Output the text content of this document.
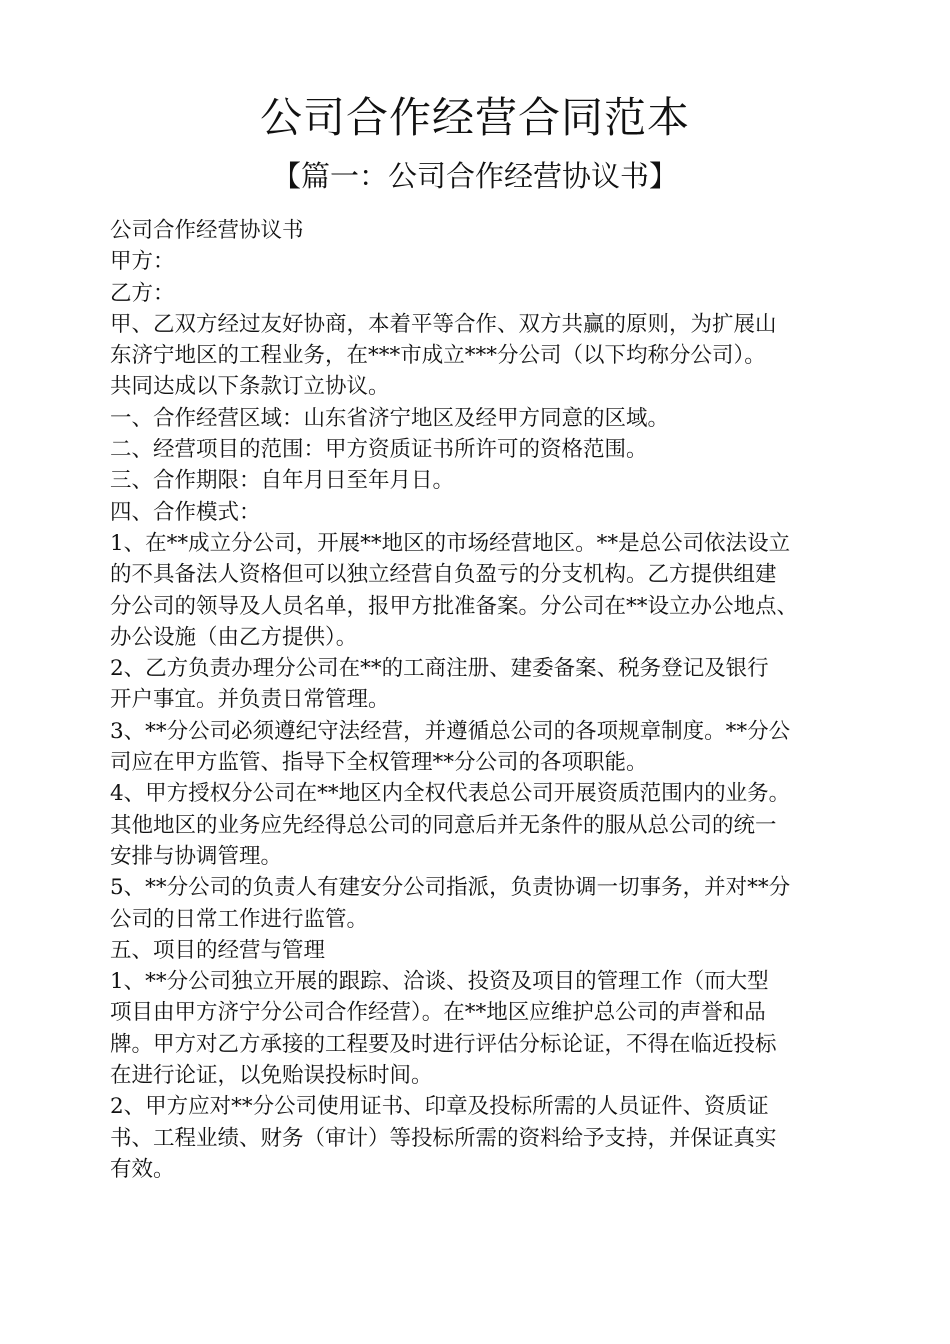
公司合作经营合同范本
【篇一：公司合作经营协议书】
公司合作经营协议书
甲方：
乙方：
甲、乙双方经过友好协商，本着平等合作、双方共赢的原则，为扩展山
东济宁地区的工程业务，在***市成立***分公司（以下均称分公司）。
共同达成以下条款订立协议。
一、合作经营区域：山东省济宁地区及经甲方同意的区域。
二、经营项目的范围：甲方资质证书所许可的资格范围。
三、合作期限：自年月日至年月日。
四、合作模式：
1、在**成立分公司，开展**地区的市场经营地区。**是总公司依法设立
的不具备法人资格但可以独立经营自负盈亏的分支机构。乙方提供组建
分公司的领导及人员名单，报甲方批准备案。分公司在**设立办公地点、
办公设施（由乙方提供）。
2、乙方负责办理分公司在**的工商注册、建委备案、税务登记及银行
开户事宜。并负责日常管理。
3、**分公司必须遵纪守法经营，并遵循总公司的各项规章制度。**分公
司应在甲方监管、指导下全权管理**分公司的各项职能。
4、甲方授权分公司在**地区内全权代表总公司开展资质范围内的业务。
其他地区的业务应先经得总公司的同意后并无条件的服从总公司的统一
安排与协调管理。
5、**分公司的负责人有建安分公司指派，负责协调一切事务，并对**分
公司的日常工作进行监管。
五、项目的经营与管理
1、**分公司独立开展的跟踪、洽谈、投资及项目的管理工作（而大型
项目由甲方济宁分公司合作经营）。在**地区应维护总公司的声誉和品
牌。甲方对乙方承接的工程要及时进行评估分标论证，不得在临近投标
在进行论证，以免贻误投标时间。
2、甲方应对**分公司使用证书、印章及投标所需的人员证件、资质证
书、工程业绩、财务（审计）等投标所需的资料给予支持，并保证真实
有效。
